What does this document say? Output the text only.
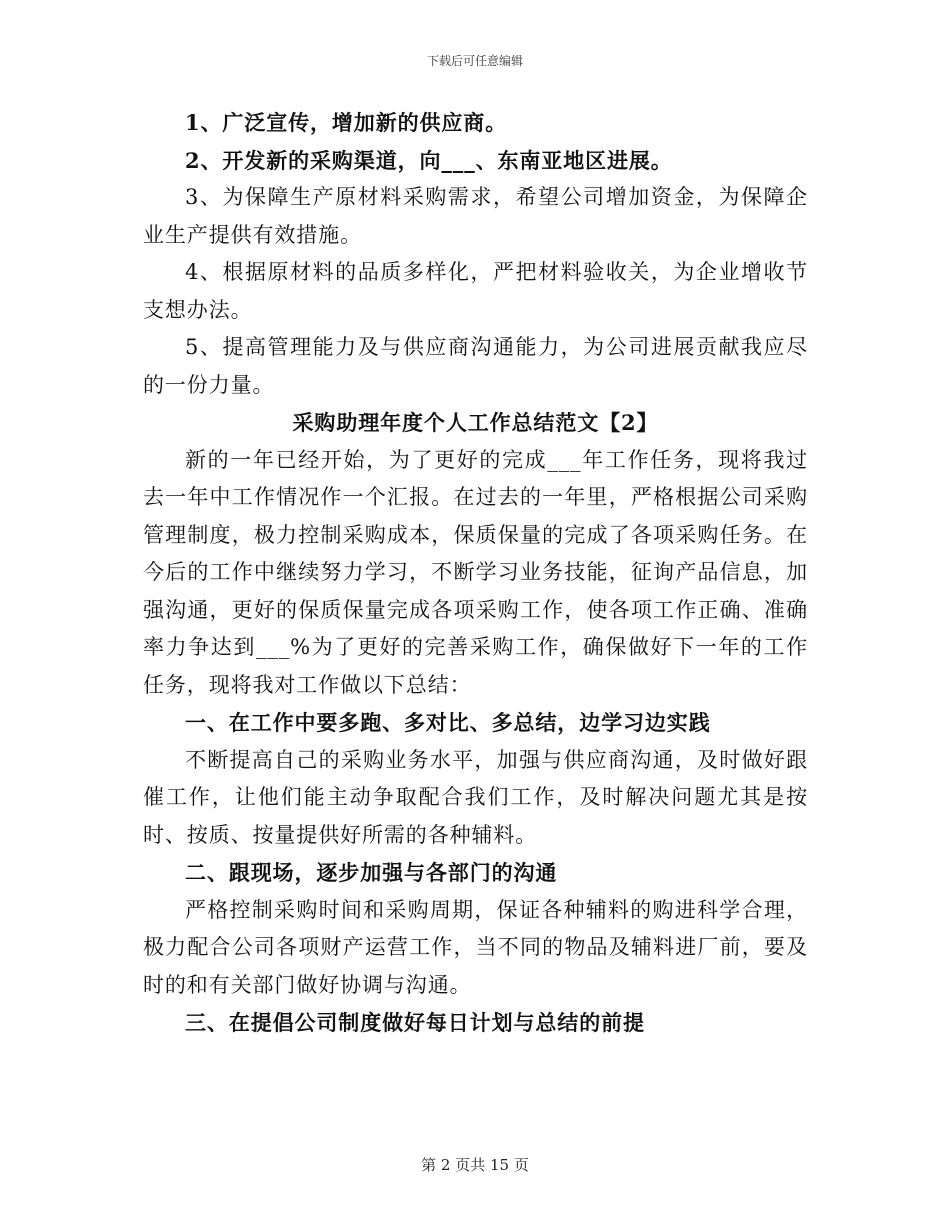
下载后可任意编辑

1、广泛宣传，增加新的供应商。

2、开发新的采购渠道，向___、东南亚地区进展。

3、为保障生产原材料采购需求，希望公司增加资金，为保障企业生产提供有效措施。

4、根据原材料的品质多样化，严把材料验收关，为企业增收节支想办法。

5、提高管理能力及与供应商沟通能力，为公司进展贡献我应尽的一份力量。

采购助理年度个人工作总结范文【2】

新的一年已经开始，为了更好的完成___年工作任务，现将我过去一年中工作情况作一个汇报。在过去的一年里，严格根据公司采购管理制度，极力控制采购成本，保质保量的完成了各项采购任务。在今后的工作中继续努力学习，不断学习业务技能，征询产品信息，加强沟通，更好的保质保量完成各项采购工作，使各项工作正确、准确率力争达到___%为了更好的完善采购工作，确保做好下一年的工作任务，现将我对工作做以下总结：

一、在工作中要多跑、多对比、多总结，边学习边实践

不断提高自己的采购业务水平，加强与供应商沟通，及时做好跟催工作，让他们能主动争取配合我们工作，及时解决问题尤其是按时、按质、按量提供好所需的各种辅料。

二、跟现场，逐步加强与各部门的沟通

严格控制采购时间和采购周期，保证各种辅料的购进科学合理，极力配合公司各项财产运营工作，当不同的物品及辅料进厂前，要及时的和有关部门做好协调与沟通。

三、在提倡公司制度做好每日计划与总结的前提

第 2 页共 15 页
